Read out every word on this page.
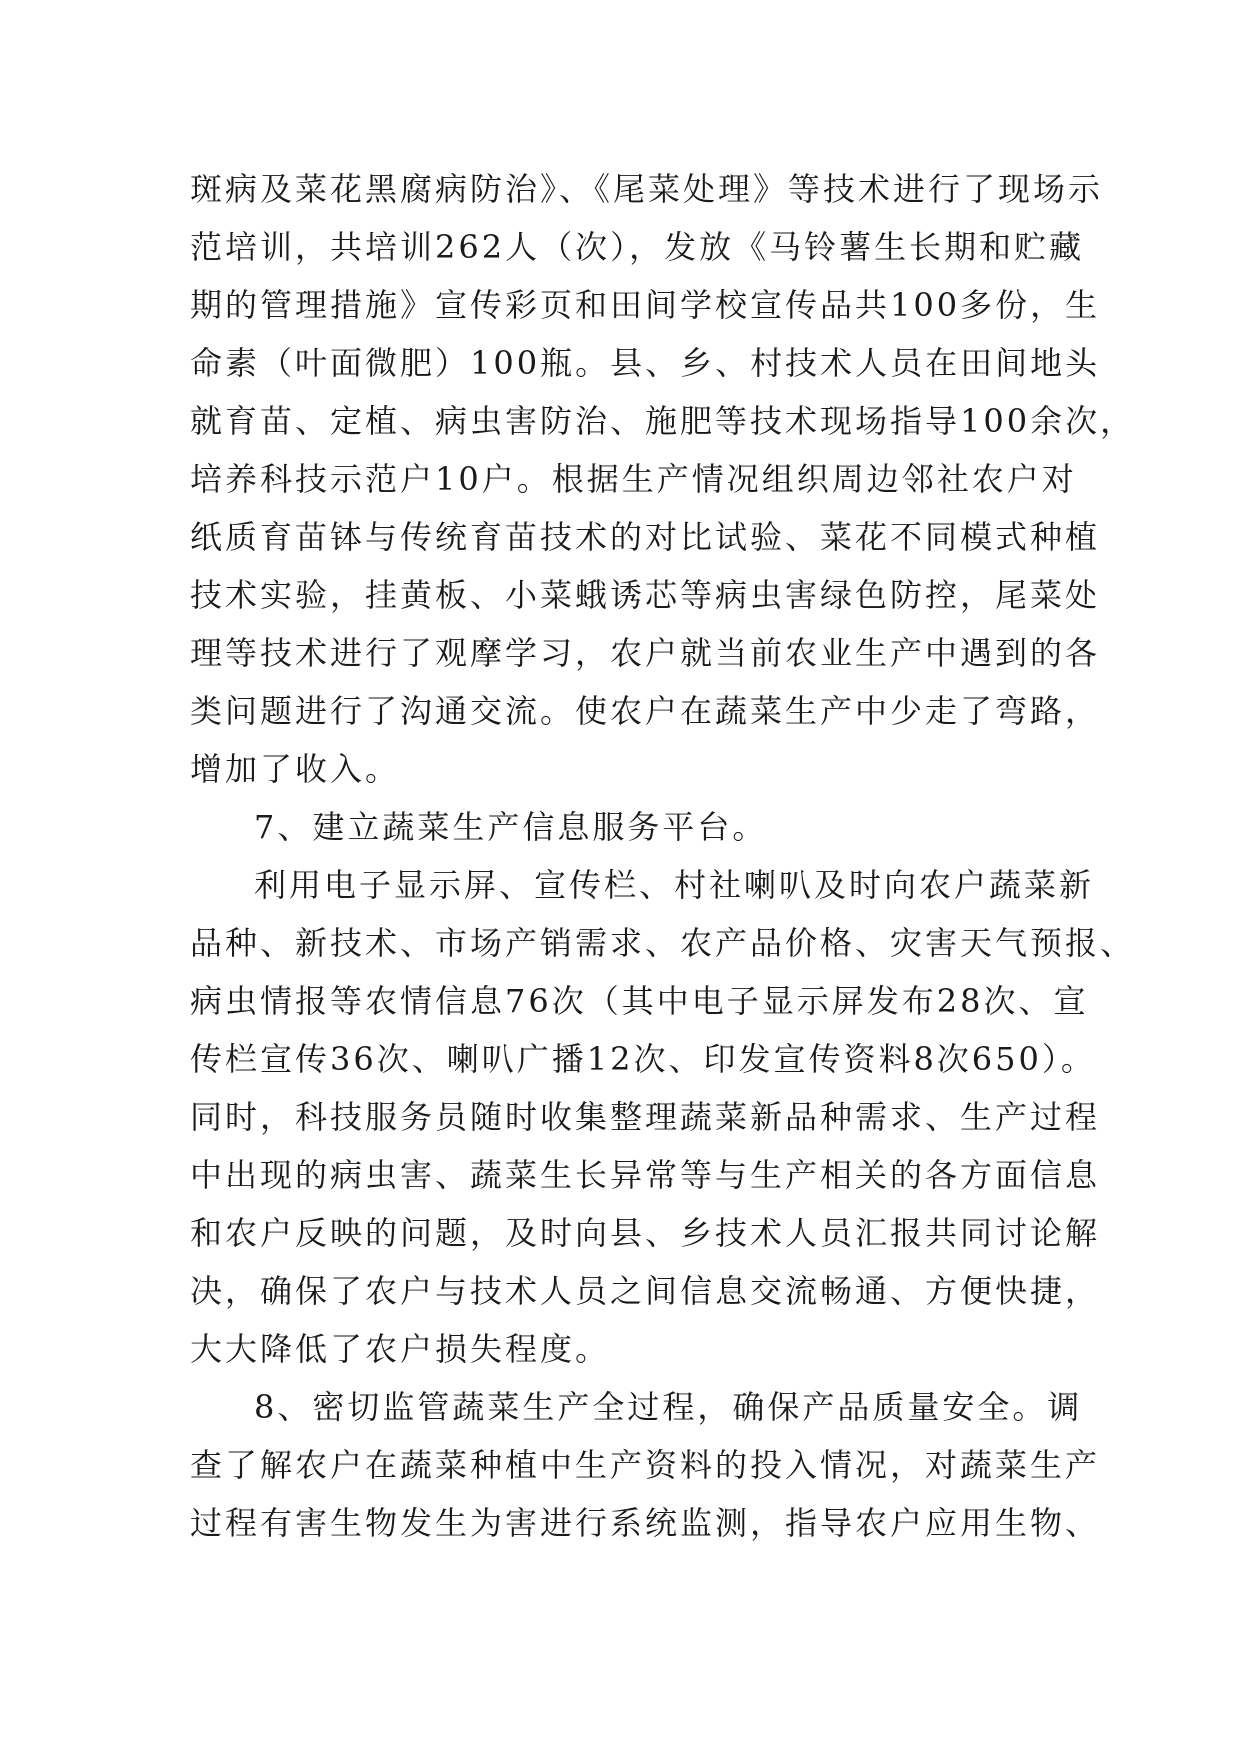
斑病及菜花黑腐病防治》、《尾菜处理》等技术进行了现场示
范培训，共培训262人（次），发放《马铃薯生长期和贮藏
期的管理措施》宣传彩页和田间学校宣传品共100多份，生
命素（叶面微肥）100瓶。县、乡、村技术人员在田间地头
就育苗、定植、病虫害防治、施肥等技术现场指导100余次，
培养科技示范户10户。根据生产情况组织周边邻社农户对
纸质育苗钵与传统育苗技术的对比试验、菜花不同模式种植
技术实验，挂黄板、小菜蛾诱芯等病虫害绿色防控，尾菜处
理等技术进行了观摩学习，农户就当前农业生产中遇到的各
类问题进行了沟通交流。使农户在蔬菜生产中少走了弯路，
增加了收入。
7、建立蔬菜生产信息服务平台。
利用电子显示屏、宣传栏、村社喇叭及时向农户蔬菜新
品种、新技术、市场产销需求、农产品价格、灾害天气预报、
病虫情报等农情信息76次（其中电子显示屏发布28次、宣
传栏宣传36次、喇叭广播12次、印发宣传资料8次650）。
同时，科技服务员随时收集整理蔬菜新品种需求、生产过程
中出现的病虫害、蔬菜生长异常等与生产相关的各方面信息
和农户反映的问题，及时向县、乡技术人员汇报共同讨论解
决，确保了农户与技术人员之间信息交流畅通、方便快捷，
大大降低了农户损失程度。
8、密切监管蔬菜生产全过程，确保产品质量安全。调
查了解农户在蔬菜种植中生产资料的投入情况，对蔬菜生产
过程有害生物发生为害进行系统监测，指导农户应用生物、
